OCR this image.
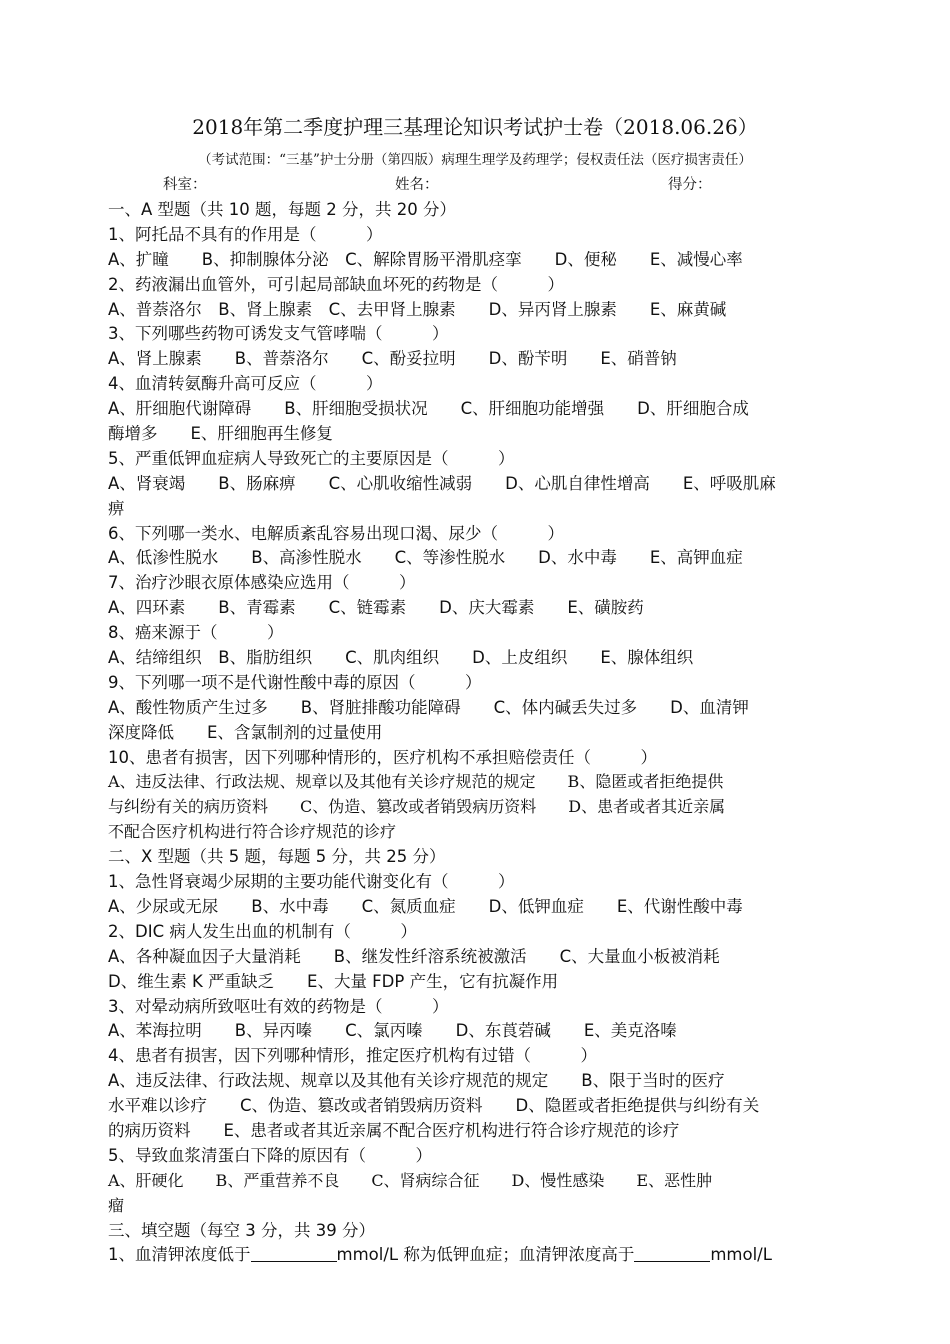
2018年第二季度护理三基理论知识考试护士卷（2018.06.26）
（考试范围：“三基”护士分册（第四版）病理生理学及药理学；侵权责任法（医疗损害责任）
科室：	姓名：	得分：
一、A 型题（共 10 题，每题 2 分，共 20 分）
1、阿托品不具有的作用是（　　　）
A、扩瞳　　B、抑制腺体分泌　C、解除胃肠平滑肌痉挛　　D、便秘　　E、减慢心率
2、药液漏出血管外，可引起局部缺血坏死的药物是（　　　）
A、普萘洛尔　B、肾上腺素　C、去甲肾上腺素　　D、异丙肾上腺素　　E、麻黄碱
3、下列哪些药物可诱发支气管哮喘（　　　）
A、肾上腺素　　B、普萘洛尔　　C、酚妥拉明　　D、酚苄明　　E、硝普钠
4、血清转氨酶升高可反应（　　　）
A、肝细胞代谢障碍　　B、肝细胞受损状况　　C、肝细胞功能增强　　D、肝细胞合成
酶增多　　E、肝细胞再生修复
5、严重低钾血症病人导致死亡的主要原因是（　　　）
A、肾衰竭　　B、肠麻痹　　C、心肌收缩性减弱　　D、心肌自律性增高　　E、呼吸肌麻
痹
6、下列哪一类水、电解质紊乱容易出现口渴、尿少（　　　）
A、低渗性脱水　　B、高渗性脱水　　C、等渗性脱水　　D、水中毒　　E、高钾血症
7、治疗沙眼衣原体感染应选用（　　　）
A、四环素　　B、青霉素　　C、链霉素　　D、庆大霉素　　E、磺胺药
8、癌来源于（　　　）
A、结缔组织　B、脂肪组织　　C、肌肉组织　　D、上皮组织　　E、腺体组织
9、下列哪一项不是代谢性酸中毒的原因（　　　）
A、酸性物质产生过多　　B、肾脏排酸功能障碍　　C、体内碱丢失过多　　D、血清钾
深度降低　　E、含氯制剂的过量使用
10、患者有损害，因下列哪种情形的，医疗机构不承担赔偿责任（　　　）
A、违反法律、行政法规、规章以及其他有关诊疗规范的规定　　B、隐匿或者拒绝提供
与纠纷有关的病历资料　　C、伪造、篡改或者销毁病历资料　　D、患者或者其近亲属
不配合医疗机构进行符合诊疗规范的诊疗
二、X 型题（共 5 题，每题 5 分，共 25 分）
1、急性肾衰竭少尿期的主要功能代谢变化有（　　　）
A、少尿或无尿　　B、水中毒　　C、氮质血症　　D、低钾血症　　E、代谢性酸中毒
2、DIC 病人发生出血的机制有（　　　）
A、各种凝血因子大量消耗　　B、继发性纤溶系统被激活　　C、大量血小板被消耗
D、维生素 K 严重缺乏　　E、大量 FDP 产生，它有抗凝作用
3、对晕动病所致呕吐有效的药物是（　　　）
A、苯海拉明　　B、异丙嗪　　C、氯丙嗪　　D、东莨菪碱　　E、美克洛嗪
4、患者有损害，因下列哪种情形，推定医疗机构有过错（　　　）
A、违反法律、行政法规、规章以及其他有关诊疗规范的规定　　B、限于当时的医疗
水平难以诊疗　　C、伪造、篡改或者销毁病历资料　　D、隐匿或者拒绝提供与纠纷有关
的病历资料　　E、患者或者其近亲属不配合医疗机构进行符合诊疗规范的诊疗
5、导致血浆清蛋白下降的原因有（　　　）
A、肝硬化　　B、严重营养不良　　C、肾病综合征　　D、慢性感染　　E、恶性肿
瘤
三、填空题（每空 3 分，共 39 分）
1、血清钾浓度低于	mmol/L 称为低钾血症；血清钾浓度高于	mmol/L
